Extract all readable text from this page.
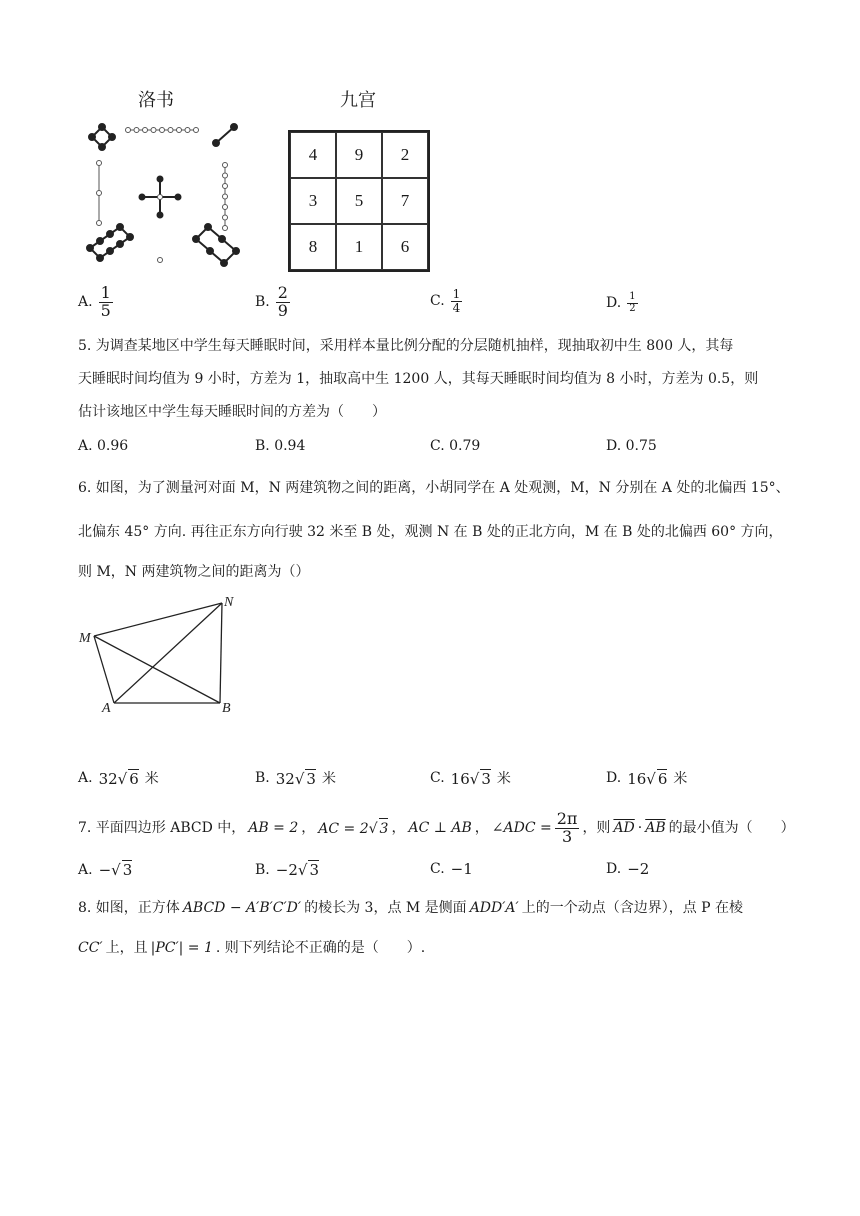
洛书	九宫
4	9	2
3	5	7
8	1	6
A. $\frac{1}{5}$	B. $\frac{2}{9}$	C. $\frac{1}{4}$	D. $\frac{1}{2}$
5. 为调查某地区中学生每天睡眠时间，采用样本量比例分配的分层随机抽样，现抽取初中生 800 人，其每
天睡眠时间均值为 9 小时，方差为 1，抽取高中生 1200 人，其每天睡眠时间均值为 8 小时，方差为 0.5，则
估计该地区中学生每天睡眠时间的方差为（　　）
A. 0.96	B. 0.94	C. 0.79	D. 0.75
6. 如图，为了测量河对面 M，N 两建筑物之间的距离，小胡同学在 A 处观测，M，N 分别在 A 处的北偏西 15°、
北偏东 45° 方向. 再往正东方向行驶 32 米至 B 处，观测 N 在 B 处的正北方向，M 在 B 处的北偏西 60° 方向，
则 M，N 两建筑物之间的距离为（）
M
N
A	B
A. 32√ 6 米	B. 32√ 3 米	C. 16√ 3 米	D. 16√ 6 米
7. 平面四边形 ABCD 中， AB = 2 ， AC = 2√ 3 ， AC ⊥ AB ， ∠ADC = $\frac{2\pi}{3}$ ，则 $\overline{AD} \cdot \overline{AB}$ 的最小值为（　　）
A. −√ 3	B. −2√ 3	C. −1	D. −2
8. 如图，正方体 ABCD − A′B′C′D′ 的棱长为 3，点 M 是侧面 ADD′A′ 上的一个动点（含边界），点 P 在棱
CC′ 上，且 |PC′| = 1 . 则下列结论不正确的是（　　）.
